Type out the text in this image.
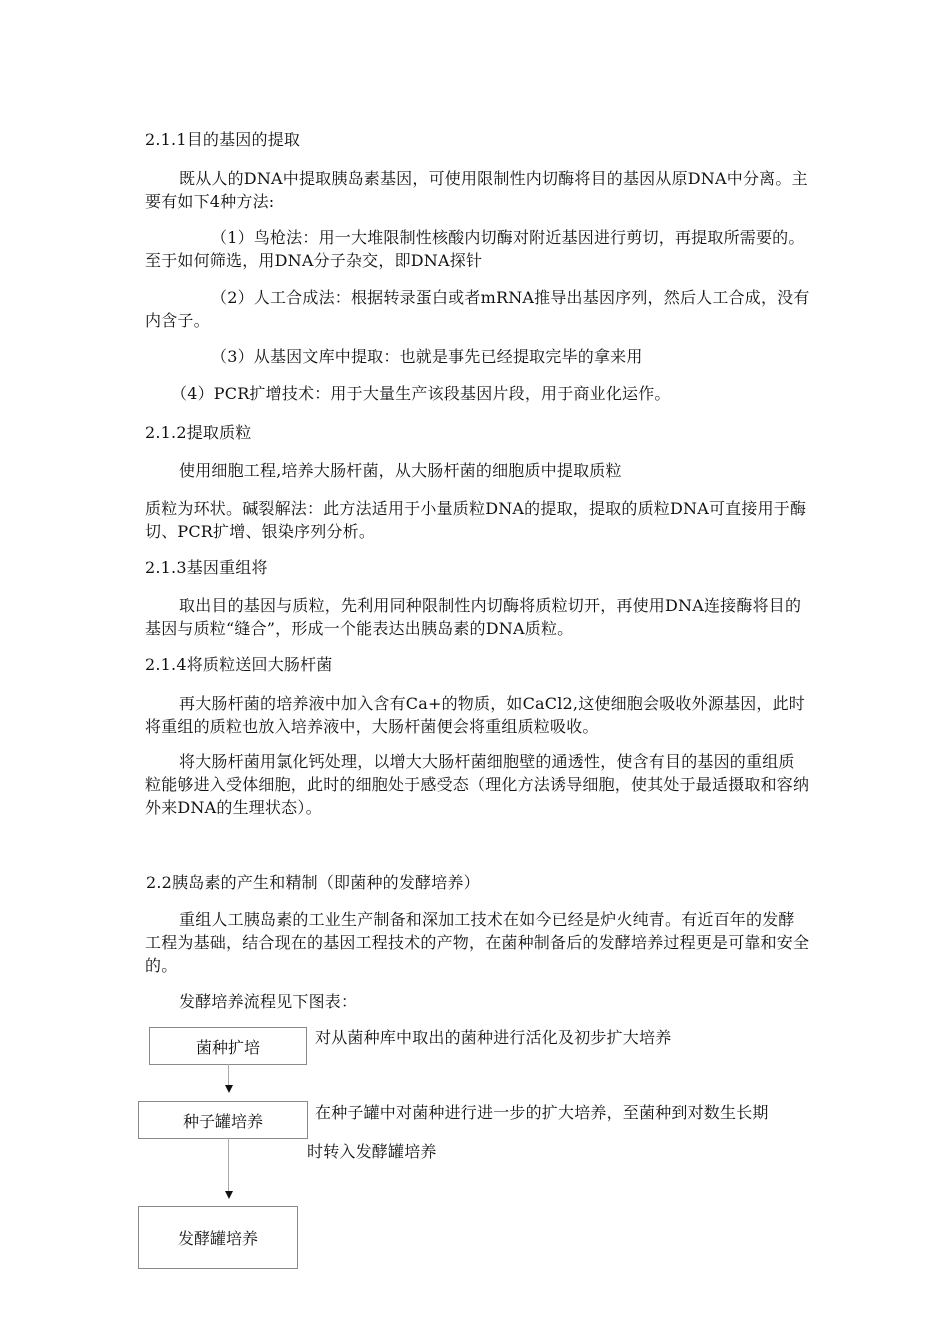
2.1.1目的基因的提取

既从人的DNA中提取胰岛素基因，可使用限制性内切酶将目的基因从原DNA中分离。主要有如下4种方法:

（1）鸟枪法：用一大堆限制性核酸内切酶对附近基因进行剪切，再提取所需要的。至于如何筛选，用DNA分子杂交，即DNA探针

（2）人工合成法：根据转录蛋白或者mRNA推导出基因序列，然后人工合成，没有内含子。

（3）从基因文库中提取：也就是事先已经提取完毕的拿来用

（4）PCR扩增技术：用于大量生产该段基因片段，用于商业化运作。

2.1.2提取质粒

使用细胞工程,培养大肠杆菌，从大肠杆菌的细胞质中提取质粒

质粒为环状。碱裂解法：此方法适用于小量质粒DNA的提取，提取的质粒DNA可直接用于酶切、PCR扩增、银染序列分析。

2.1.3基因重组将

取出目的基因与质粒，先利用同种限制性内切酶将质粒切开，再使用DNA连接酶将目的基因与质粒“缝合”，形成一个能表达出胰岛素的DNA质粒。

2.1.4将质粒送回大肠杆菌

再大肠杆菌的培养液中加入含有Ca+的物质，如CaCl2,这使细胞会吸收外源基因，此时将重组的质粒也放入培养液中，大肠杆菌便会将重组质粒吸收。

将大肠杆菌用氯化钙处理，以增大大肠杆菌细胞壁的通透性，使含有目的基因的重组质粒能够进入受体细胞，此时的细胞处于感受态（理化方法诱导细胞，使其处于最适摄取和容纳外来DNA的生理状态）。

2.2胰岛素的产生和精制（即菌种的发酵培养）

重组人工胰岛素的工业生产制备和深加工技术在如今已经是炉火纯青。有近百年的发酵工程为基础，结合现在的基因工程技术的产物，在菌种制备后的发酵培养过程更是可靠和安全的。

发酵培养流程见下图表：

菌种扩培	对从菌种库中取出的菌种进行活化及初步扩大培养
种子罐培养	在种子罐中对菌种进行进一步的扩大培养，至菌种到对数生长期
时转入发酵罐培养
发酵罐培养
